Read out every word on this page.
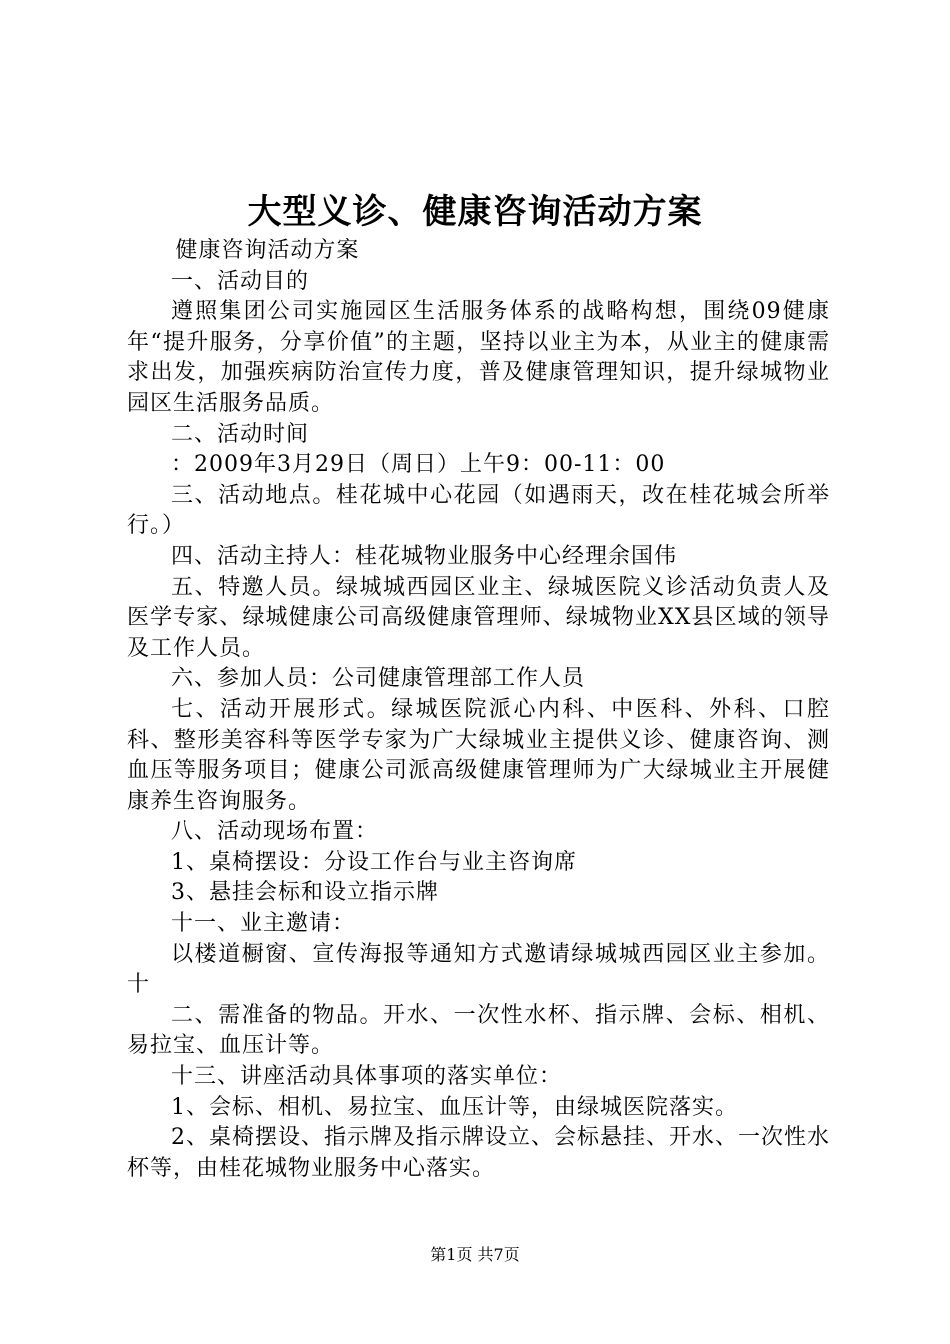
大型义诊、健康咨询活动方案

健康咨询活动方案

一、活动目的

遵照集团公司实施园区生活服务体系的战略构想，围绕09健康年“提升服务，分享价值”的主题，坚持以业主为本，从业主的健康需求出发，加强疾病防治宣传力度，普及健康管理知识，提升绿城物业园区生活服务品质。

二、活动时间

：2009年3月29日（周日）上午9：00-11：00

三、活动地点。桂花城中心花园（如遇雨天，改在桂花城会所举行。）

四、活动主持人：桂花城物业服务中心经理余国伟

五、特邀人员。绿城城西园区业主、绿城医院义诊活动负责人及医学专家、绿城健康公司高级健康管理师、绿城物业XX县区域的领导及工作人员。

六、参加人员：公司健康管理部工作人员

七、活动开展形式。绿城医院派心内科、中医科、外科、口腔科、整形美容科等医学专家为广大绿城业主提供义诊、健康咨询、测血压等服务项目；健康公司派高级健康管理师为广大绿城业主开展健康养生咨询服务。

八、活动现场布置：

1、桌椅摆设：分设工作台与业主咨询席

3、悬挂会标和设立指示牌

十一、业主邀请：

以楼道橱窗、宣传海报等通知方式邀请绿城城西园区业主参加。十

二、需准备的物品。开水、一次性水杯、指示牌、会标、相机、易拉宝、血压计等。

十三、讲座活动具体事项的落实单位：

1、会标、相机、易拉宝、血压计等，由绿城医院落实。

2、桌椅摆设、指示牌及指示牌设立、会标悬挂、开水、一次性水杯等，由桂花城物业服务中心落实。

第1页 共7页
